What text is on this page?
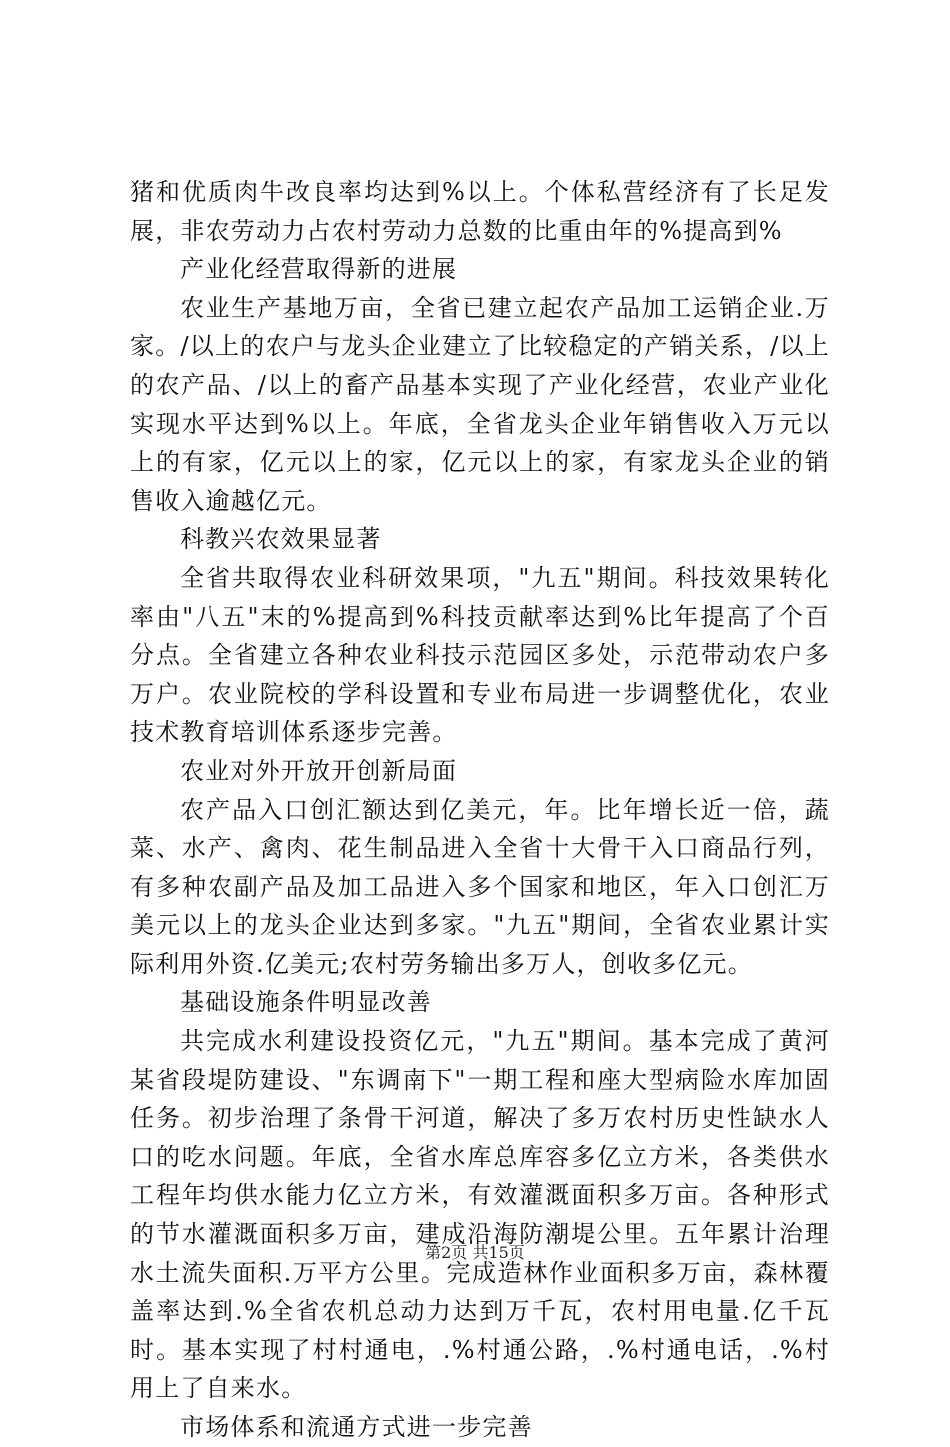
猪和优质肉牛改良率均达到%以上。个体私营经济有了长足发展，非农劳动力占农村劳动力总数的比重由年的%提高到%

产业化经营取得新的进展

农业生产基地万亩，全省已建立起农产品加工运销企业.万家。/以上的农户与龙头企业建立了比较稳定的产销关系，/以上的农产品、/以上的畜产品基本实现了产业化经营，农业产业化实现水平达到%以上。年底，全省龙头企业年销售收入万元以上的有家，亿元以上的家，亿元以上的家，有家龙头企业的销售收入逾越亿元。

科教兴农效果显著

全省共取得农业科研效果项，"九五"期间。科技效果转化率由"八五"末的%提高到%科技贡献率达到%比年提高了个百分点。全省建立各种农业科技示范园区多处，示范带动农户多万户。农业院校的学科设置和专业布局进一步调整优化，农业技术教育培训体系逐步完善。

农业对外开放开创新局面

农产品入口创汇额达到亿美元，年。比年增长近一倍，蔬菜、水产、禽肉、花生制品进入全省十大骨干入口商品行列，有多种农副产品及加工品进入多个国家和地区，年入口创汇万美元以上的龙头企业达到多家。"九五"期间，全省农业累计实际利用外资.亿美元;农村劳务输出多万人，创收多亿元。

基础设施条件明显改善

共完成水利建设投资亿元，"九五"期间。基本完成了黄河某省段堤防建设、"东调南下"一期工程和座大型病险水库加固任务。初步治理了条骨干河道，解决了多万农村历史性缺水人口的吃水问题。年底，全省水库总库容多亿立方米，各类供水工程年均供水能力亿立方米，有效灌溉面积多万亩。各种形式的节水灌溉面积多万亩，建成沿海防潮堤公里。五年累计治理水土流失面积.万平方公里。完成造林作业面积多万亩，森林覆盖率达到.%全省农机总动力达到万千瓦，农村用电量.亿千瓦时。基本实现了村村通电，.%村通公路，.%村通电话，.%村用上了自来水。

市场体系和流通方式进一步完善

第2页 共15页
